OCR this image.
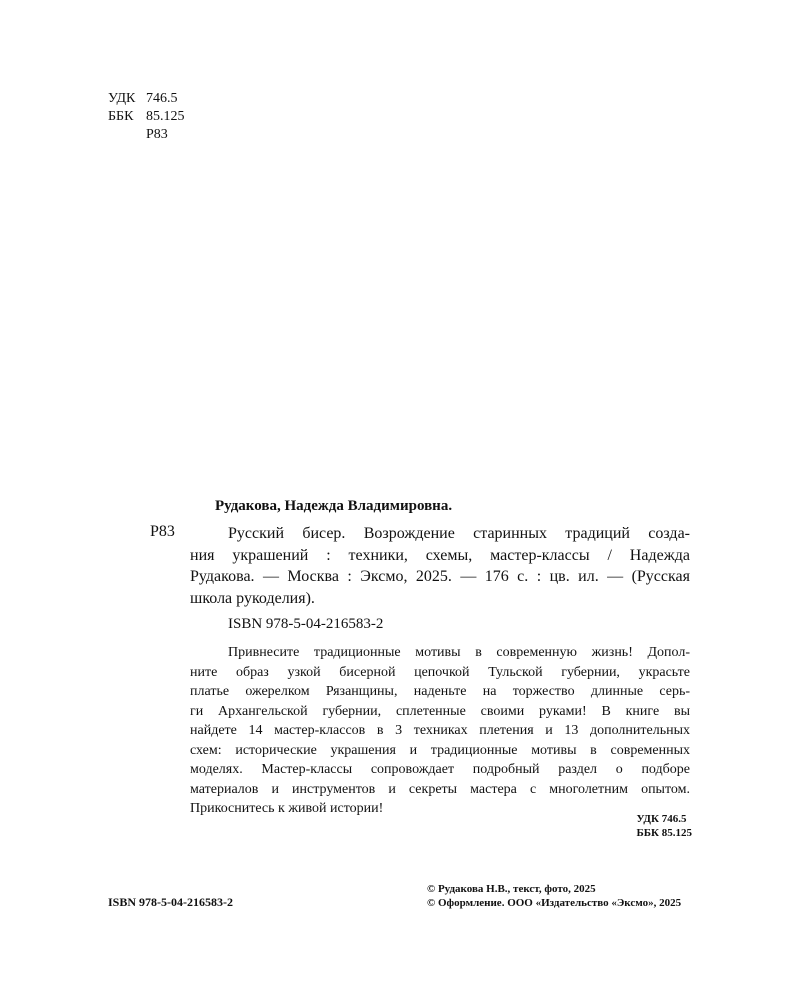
УДК 746.5
ББК 85.125
Р83
Рудакова, Надежда Владимировна.
Р83	Русский бисер. Возрождение старинных традиций созда-
ния украшений : техники, схемы, мастер-классы / Надежда
Рудакова. — Москва : Эксмо, 2025. — 176 с. : цв. ил. — (Русская
школа рукоделия).
ISBN 978-5-04-216583-2
Привнесите традиционные мотивы в современную жизнь! Допол-
ните образ узкой бисерной цепочкой Тульской губернии, украсьте
платье ожерелком Рязанщины, наденьте на торжество длинные серь-
ги Архангельской губернии, сплетенные своими руками! В книге вы
найдете 14 мастер-классов в 3 техниках плетения и 13 дополнительных
схем: исторические украшения и традиционные мотивы в современных
моделях. Мастер-классы сопровождает подробный раздел о подборе
материалов и инструментов и секреты мастера с многолетним опытом.
Прикоснитесь к живой истории!
УДК 746.5
ББК 85.125
ISBN 978-5-04-216583-2
© Рудакова Н.В., текст, фото, 2025
© Оформление. ООО «Издательство «Эксмо», 2025
